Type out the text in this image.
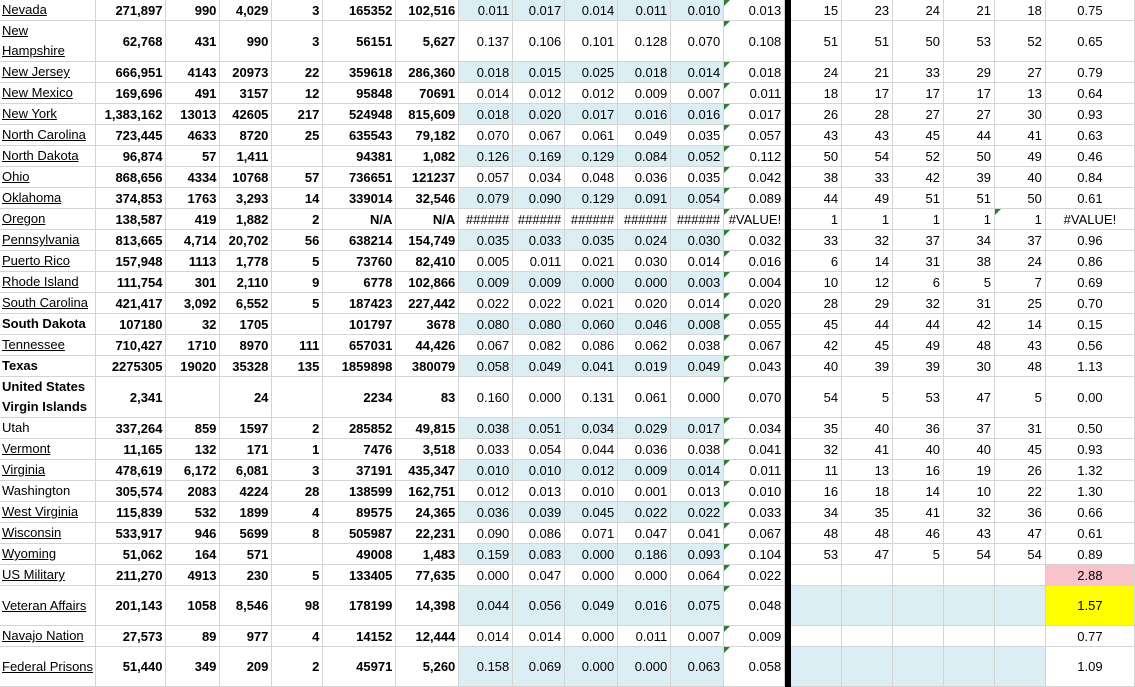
Nevada	271,897	990	4,029	3	165352	102,516	0.011	0.017	0.014	0.011	0.010	0.013		15	23	24	21	18	0.75
New Hampshire	62,768	431	990	3	56151	5,627	0.137	0.106	0.101	0.128	0.070	0.108		51	51	50	53	52	0.65
New Jersey	666,951	4143	20973	22	359618	286,360	0.018	0.015	0.025	0.018	0.014	0.018		24	21	33	29	27	0.79
New Mexico	169,696	491	3157	12	95848	70691	0.014	0.012	0.012	0.009	0.007	0.011		18	17	17	17	13	0.64
New York	1,383,162	13013	42605	217	524948	815,609	0.018	0.020	0.017	0.016	0.016	0.017		26	28	27	27	30	0.93
North Carolina	723,445	4633	8720	25	635543	79,182	0.070	0.067	0.061	0.049	0.035	0.057		43	43	45	44	41	0.63
North Dakota	96,874	57	1,411		94381	1,082	0.126	0.169	0.129	0.084	0.052	0.112		50	54	52	50	49	0.46
Ohio	868,656	4334	10768	57	736651	121237	0.057	0.034	0.048	0.036	0.035	0.042		38	33	42	39	40	0.84
Oklahoma	374,853	1763	3,293	14	339014	32,546	0.079	0.090	0.129	0.091	0.054	0.089		44	49	51	51	50	0.61
Oregon	138,587	419	1,882	2	N/A	N/A	######	######	######	######	######	#VALUE!		1	1	1	1	1	#VALUE!
Pennsylvania	813,665	4,714	20,702	56	638214	154,749	0.035	0.033	0.035	0.024	0.030	0.032		33	32	37	34	37	0.96
Puerto Rico	157,948	1113	1,778	5	73760	82,410	0.005	0.011	0.021	0.030	0.014	0.016		6	14	31	38	24	0.86
Rhode Island	111,754	301	2,110	9	6778	102,866	0.009	0.009	0.000	0.000	0.003	0.004		10	12	6	5	7	0.69
South Carolina	421,417	3,092	6,552	5	187423	227,442	0.022	0.022	0.021	0.020	0.014	0.020		28	29	32	31	25	0.70
South Dakota	107180	32	1705		101797	3678	0.080	0.080	0.060	0.046	0.008	0.055		45	44	44	42	14	0.15
Tennessee	710,427	1710	8970	111	657031	44,426	0.067	0.082	0.086	0.062	0.038	0.067		42	45	49	48	43	0.56
Texas	2275305	19020	35328	135	1859898	380079	0.058	0.049	0.041	0.019	0.049	0.043		40	39	39	30	48	1.13
United States Virgin Islands	2,341		24		2234	83	0.160	0.000	0.131	0.061	0.000	0.070		54	5	53	47	5	0.00
Utah	337,264	859	1597	2	285852	49,815	0.038	0.051	0.034	0.029	0.017	0.034		35	40	36	37	31	0.50
Vermont	11,165	132	171	1	7476	3,518	0.033	0.054	0.044	0.036	0.038	0.041		32	41	40	40	45	0.93
Virginia	478,619	6,172	6,081	3	37191	435,347	0.010	0.010	0.012	0.009	0.014	0.011		11	13	16	19	26	1.32
Washington	305,574	2083	4224	28	138599	162,751	0.012	0.013	0.010	0.001	0.013	0.010		16	18	14	10	22	1.30
West Virginia	115,839	532	1899	4	89575	24,365	0.036	0.039	0.045	0.022	0.022	0.033		34	35	41	32	36	0.66
Wisconsin	533,917	946	5699	8	505987	22,231	0.090	0.086	0.071	0.047	0.041	0.067		48	48	46	43	47	0.61
Wyoming	51,062	164	571		49008	1,483	0.159	0.083	0.000	0.186	0.093	0.104		53	47	5	54	54	0.89
US Military	211,270	4913	230	5	133405	77,635	0.000	0.047	0.000	0.000	0.064	0.022							2.88
Veteran Affairs	201,143	1058	8,546	98	178199	14,398	0.044	0.056	0.049	0.016	0.075	0.048							1.57
Navajo Nation	27,573	89	977	4	14152	12,444	0.014	0.014	0.000	0.011	0.007	0.009							0.77
Federal Prisons	51,440	349	209	2	45971	5,260	0.158	0.069	0.000	0.000	0.063	0.058							1.09
